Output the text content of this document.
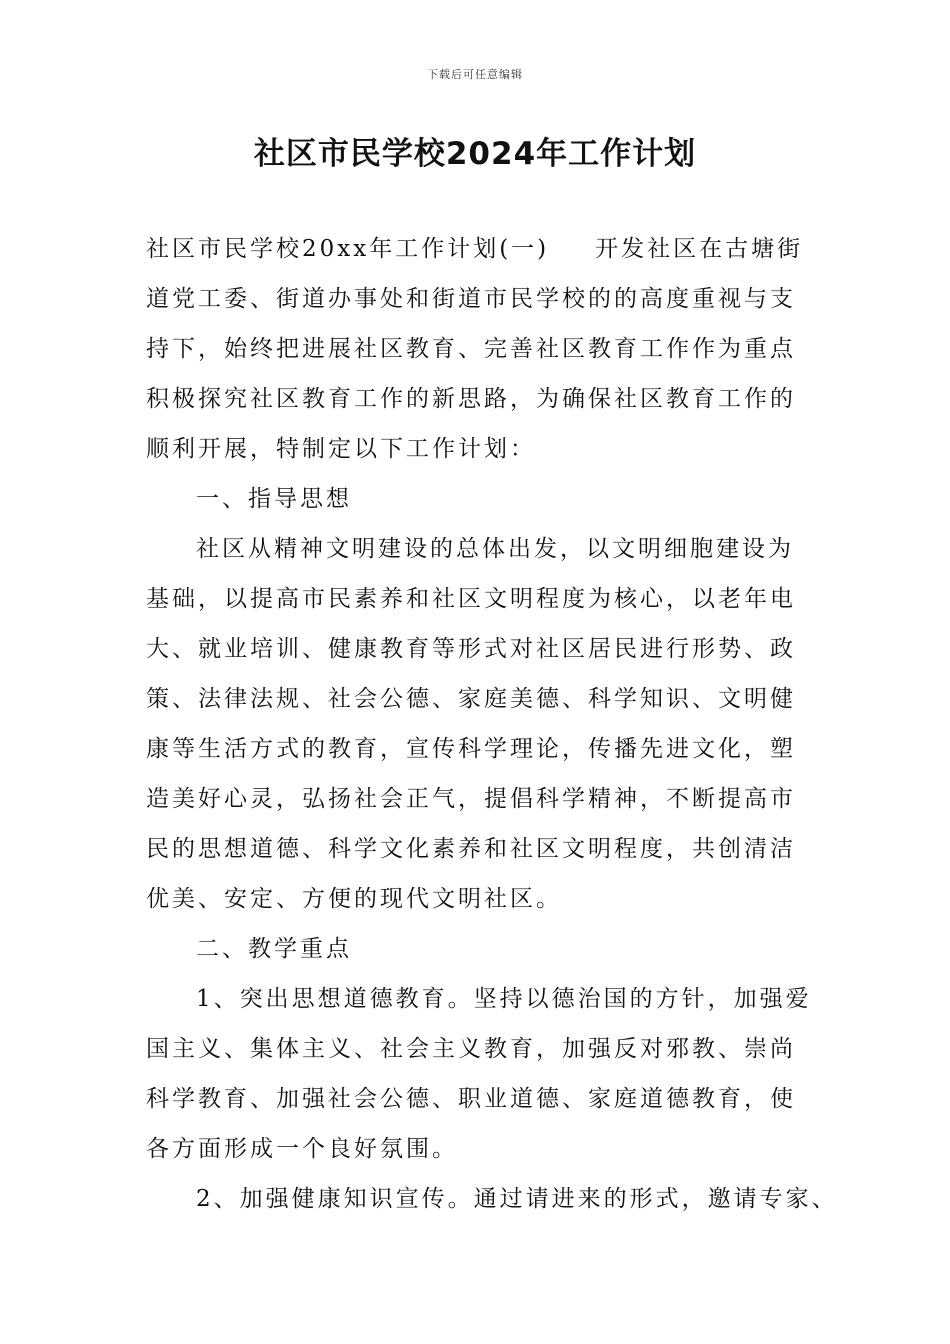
下载后可任意编辑
社区市民学校2024年工作计划
社区市民学校20xx年工作计划(一) 开发社区在古塘街
道党工委、街道办事处和街道市民学校的的高度重视与支
持下，始终把进展社区教育、完善社区教育工作作为重点
积极探究社区教育工作的新思路，为确保社区教育工作的
顺利开展，特制定以下工作计划：
一、指导思想
社区从精神文明建设的总体出发，以文明细胞建设为
基础，以提高市民素养和社区文明程度为核心，以老年电
大、就业培训、健康教育等形式对社区居民进行形势、政
策、法律法规、社会公德、家庭美德、科学知识、文明健
康等生活方式的教育，宣传科学理论，传播先进文化，塑
造美好心灵，弘扬社会正气，提倡科学精神，不断提高市
民的思想道德、科学文化素养和社区文明程度，共创清洁
优美、安定、方便的现代文明社区。
二、教学重点
1、突出思想道德教育。坚持以德治国的方针，加强爱
国主义、集体主义、社会主义教育，加强反对邪教、崇尚
科学教育、加强社会公德、职业道德、家庭道德教育，使
各方面形成一个良好氛围。
2、加强健康知识宣传。通过请进来的形式，邀请专家、
